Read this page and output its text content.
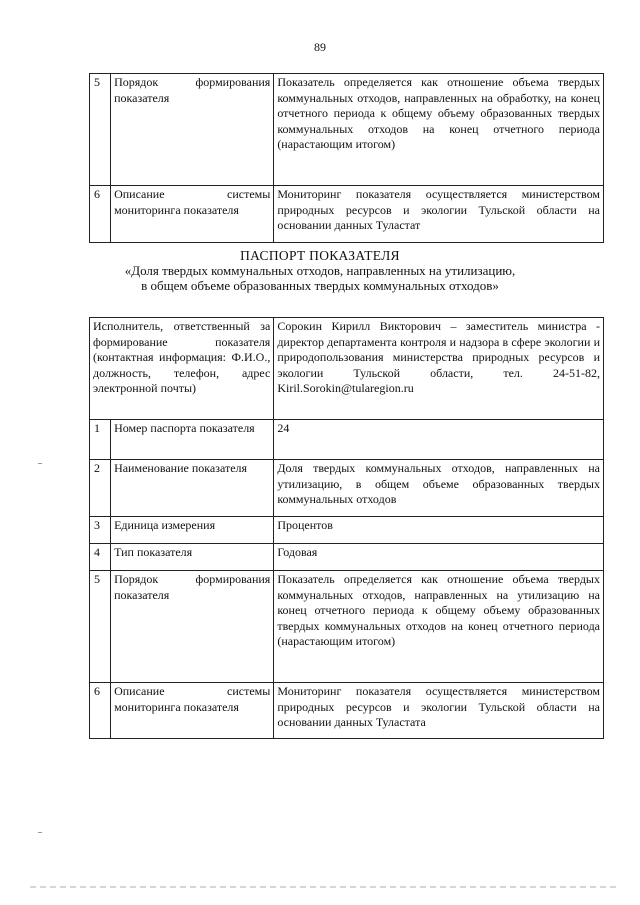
89
5	Порядок формирования показателя	Показатель определяется как отношение объема твердых коммунальных отходов, направленных на обработку, на конец отчетного периода к общему объему образованных твердых коммунальных отходов на конец отчетного периода (нарастающим итогом)
6	Описание системы мониторинга показателя	Мониторинг показателя осуществляется министерством природных ресурсов и экологии Тульской области на основании данных Туластат
ПАСПОРТ ПОКАЗАТЕЛЯ
«Доля твердых коммунальных отходов, направленных на утилизацию,
в общем объеме образованных твердых коммунальных отходов»
Исполнитель, ответственный за формирование показателя (контактная информация: Ф.И.О., должность, телефон, адрес электронной почты)		Сорокин Кирилл Викторович – заместитель министра - директор департамента контроля и надзора в сфере экологии и природопользования министерства природных ресурсов и экологии Тульской области, тел. 24-51-82, Kiril.Sorokin@tularegion.ru
1	Номер паспорта показателя	24
2	Наименование показателя	Доля твердых коммунальных отходов, направленных на утилизацию, в общем объеме образованных твердых коммунальных отходов
3	Единица измерения	Процентов
4	Тип показателя	Годовая
5	Порядок формирования показателя	Показатель определяется как отношение объема твердых коммунальных отходов, направленных на утилизацию на конец отчетного периода к общему объему образованных твердых коммунальных отходов на конец отчетного периода (нарастающим итогом)
6	Описание системы мониторинга показателя	Мониторинг показателя осуществляется министерством природных ресурсов и экологии Тульской области на основании данных Туластата
